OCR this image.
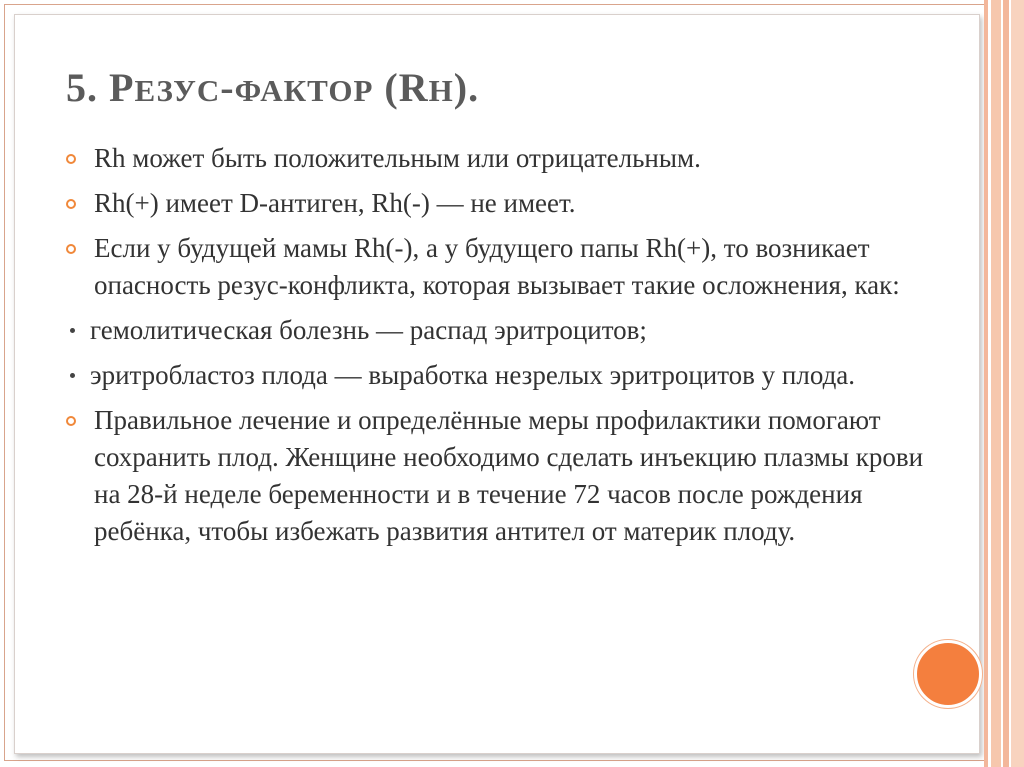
5. РЕЗУС-ФАКТОР (RH).
Rh может быть положительным или отрицательным.
Rh(+) имеет D-антиген, Rh(-) — не имеет.
Если у будущей мамы Rh(-), а у будущего папы Rh(+), то возникает опасность резус-конфликта, которая вызывает такие осложнения, как:
гемолитическая болезнь — распад эритроцитов;
эритробластоз плода — выработка незрелых эритроцитов у плода.
Правильное лечение и определённые меры профилактики помогают сохранить плод. Женщине необходимо сделать инъекцию плазмы крови на 28-й неделе беременности и в течение 72 часов после рождения ребёнка, чтобы избежать развития антител от материк плоду.
